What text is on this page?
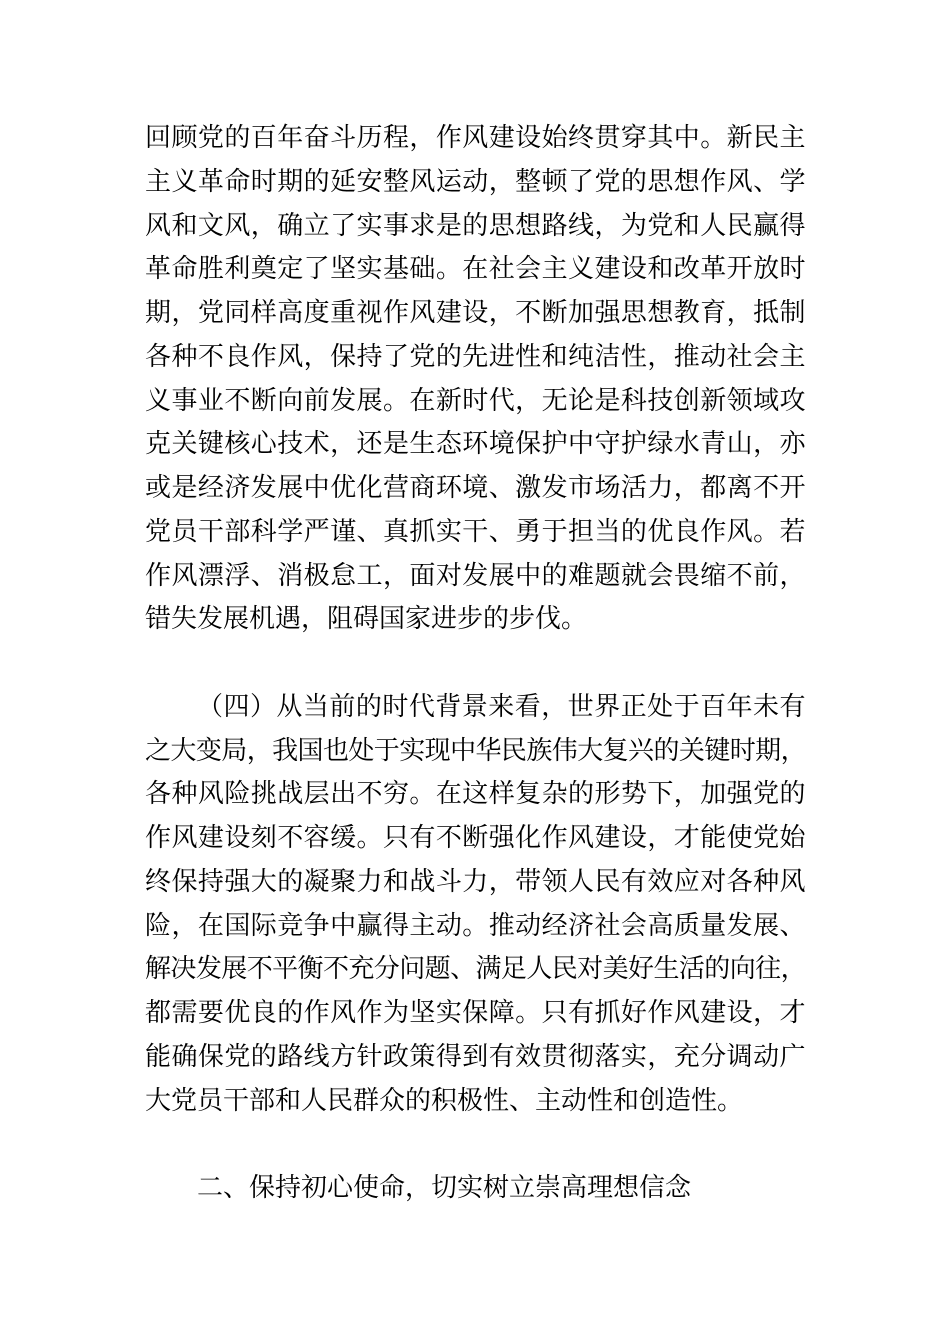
回顾党的百年奋斗历程，作风建设始终贯穿其中。新民主
主义革命时期的延安整风运动，整顿了党的思想作风、学
风和文风，确立了实事求是的思想路线，为党和人民赢得
革命胜利奠定了坚实基础。在社会主义建设和改革开放时
期，党同样高度重视作风建设，不断加强思想教育，抵制
各种不良作风，保持了党的先进性和纯洁性，推动社会主
义事业不断向前发展。在新时代，无论是科技创新领域攻
克关键核心技术，还是生态环境保护中守护绿水青山，亦
或是经济发展中优化营商环境、激发市场活力，都离不开
党员干部科学严谨、真抓实干、勇于担当的优良作风。若
作风漂浮、消极怠工，面对发展中的难题就会畏缩不前，
错失发展机遇，阻碍国家进步的步伐。
（四）从当前的时代背景来看，世界正处于百年未有
之大变局，我国也处于实现中华民族伟大复兴的关键时期，
各种风险挑战层出不穷。在这样复杂的形势下，加强党的
作风建设刻不容缓。只有不断强化作风建设，才能使党始
终保持强大的凝聚力和战斗力，带领人民有效应对各种风
险，在国际竞争中赢得主动。推动经济社会高质量发展、
解决发展不平衡不充分问题、满足人民对美好生活的向往，
都需要优良的作风作为坚实保障。只有抓好作风建设，才
能确保党的路线方针政策得到有效贯彻落实，充分调动广
大党员干部和人民群众的积极性、主动性和创造性。
二、保持初心使命，切实树立崇高理想信念
